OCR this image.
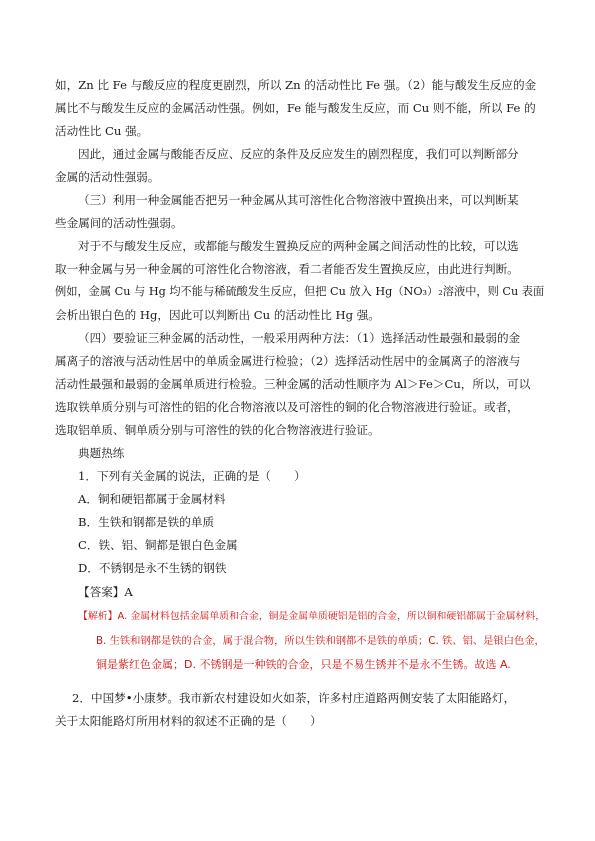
如，Zn 比 Fe 与酸反应的程度更剧烈，所以 Zn 的活动性比 Fe 强。（2）能与酸发生反应的金
属比不与酸发生反应的金属活动性强。例如，Fe 能与酸发生反应，而 Cu 则不能，所以 Fe 的
活动性比 Cu 强。
因此，通过金属与酸能否反应、反应的条件及反应发生的剧烈程度，我们可以判断部分
金属的活动性强弱。
（三）利用一种金属能否把另一种金属从其可溶性化合物溶液中置换出来，可以判断某
些金属间的活动性强弱。
对于不与酸发生反应，或都能与酸发生置换反应的两种金属之间活动性的比较，可以选
取一种金属与另一种金属的可溶性化合物溶液，看二者能否发生置换反应，由此进行判断。
例如，金属 Cu 与 Hg 均不能与稀硫酸发生反应，但把 Cu 放入 Hg（NO₃）₂溶液中，则 Cu 表面
会析出银白色的 Hg，因此可以判断出 Cu 的活动性比 Hg 强。
（四）要验证三种金属的活动性，一般采用两种方法：（1）选择活动性最强和最弱的金
属离子的溶液与活动性居中的单质金属进行检验；（2）选择活动性居中的金属离子的溶液与
活动性最强和最弱的金属单质进行检验。三种金属的活动性顺序为 Al＞Fe＞Cu，所以，可以
选取铁单质分别与可溶性的铝的化合物溶液以及可溶性的铜的化合物溶液进行验证。或者，
选取铝单质、铜单质分别与可溶性的铁的化合物溶液进行验证。
典题热练
1．下列有关金属的说法，正确的是（　　）
A．铜和硬铝都属于金属材料
B．生铁和钢都是铁的单质
C．铁、铝、铜都是银白色金属
D．不锈钢是永不生锈的钢铁
【答案】A
【解析】A. 金属材料包括金属单质和合金，铜是金属单质硬铝是铝的合金，所以铜和硬铝都属于金属材料，
B. 生铁和钢都是铁的合金，属于混合物，所以生铁和钢都不是铁的单质；C. 铁、铝、是银白色金，
铜是紫红色金属；D. 不锈钢是一种铁的合金，只是不易生锈并不是永不生锈。故选 A.
2．中国梦•小康梦。我市新农村建设如火如荼，许多村庄道路两侧安装了太阳能路灯，
关于太阳能路灯所用材料的叙述不正确的是（　　）
